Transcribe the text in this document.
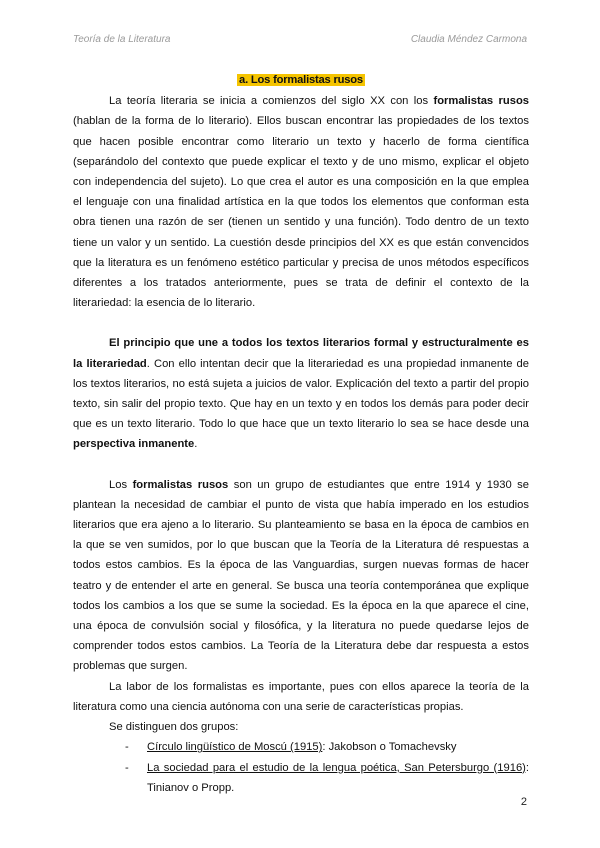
Teoría de la Literatura	Claudia Méndez Carmona
a. Los formalistas rusos

La teoría literaria se inicia a comienzos del siglo XX con los formalistas rusos (hablan de la forma de lo literario). Ellos buscan encontrar las propiedades de los textos que hacen posible encontrar como literario un texto y hacerlo de forma científica (separándolo del contexto que puede explicar el texto y de uno mismo, explicar el objeto con independencia del sujeto). Lo que crea el autor es una composición en la que emplea el lenguaje con una finalidad artística en la que todos los elementos que conforman esta obra tienen una razón de ser (tienen un sentido y una función). Todo dentro de un texto tiene un valor y un sentido. La cuestión desde principios del XX es que están convencidos que la literatura es un fenómeno estético particular y precisa de unos métodos específicos diferentes a los tratados anteriormente, pues se trata de definir el contexto de la literariedad: la esencia de lo literario.

El principio que une a todos los textos literarios formal y estructuralmente es la literariedad. Con ello intentan decir que la literariedad es una propiedad inmanente de los textos literarios, no está sujeta a juicios de valor. Explicación del texto a partir del propio texto, sin salir del propio texto. Que hay en un texto y en todos los demás para poder decir que es un texto literario. Todo lo que hace que un texto literario lo sea se hace desde una perspectiva inmanente.

Los formalistas rusos son un grupo de estudiantes que entre 1914 y 1930 se plantean la necesidad de cambiar el punto de vista que había imperado en los estudios literarios que era ajeno a lo literario. Su planteamiento se basa en la época de cambios en la que se ven sumidos, por lo que buscan que la Teoría de la Literatura dé respuestas a todos estos cambios. Es la época de las Vanguardias, surgen nuevas formas de hacer teatro y de entender el arte en general. Se busca una teoría contemporánea que explique todos los cambios a los que se sume la sociedad. Es la época en la que aparece el cine, una época de convulsión social y filosófica, y la literatura no puede quedarse lejos de comprender todos estos cambios. La Teoría de la Literatura debe dar respuesta a estos problemas que surgen.

La labor de los formalistas es importante, pues con ellos aparece la teoría de la literatura como una ciencia autónoma con una serie de características propias.

Se distinguen dos grupos:

- Círculo lingüístico de Moscú (1915): Jakobson o Tomachevsky
- La sociedad para el estudio de la lengua poética, San Petersburgo (1916): Tinianov o Propp.
2
